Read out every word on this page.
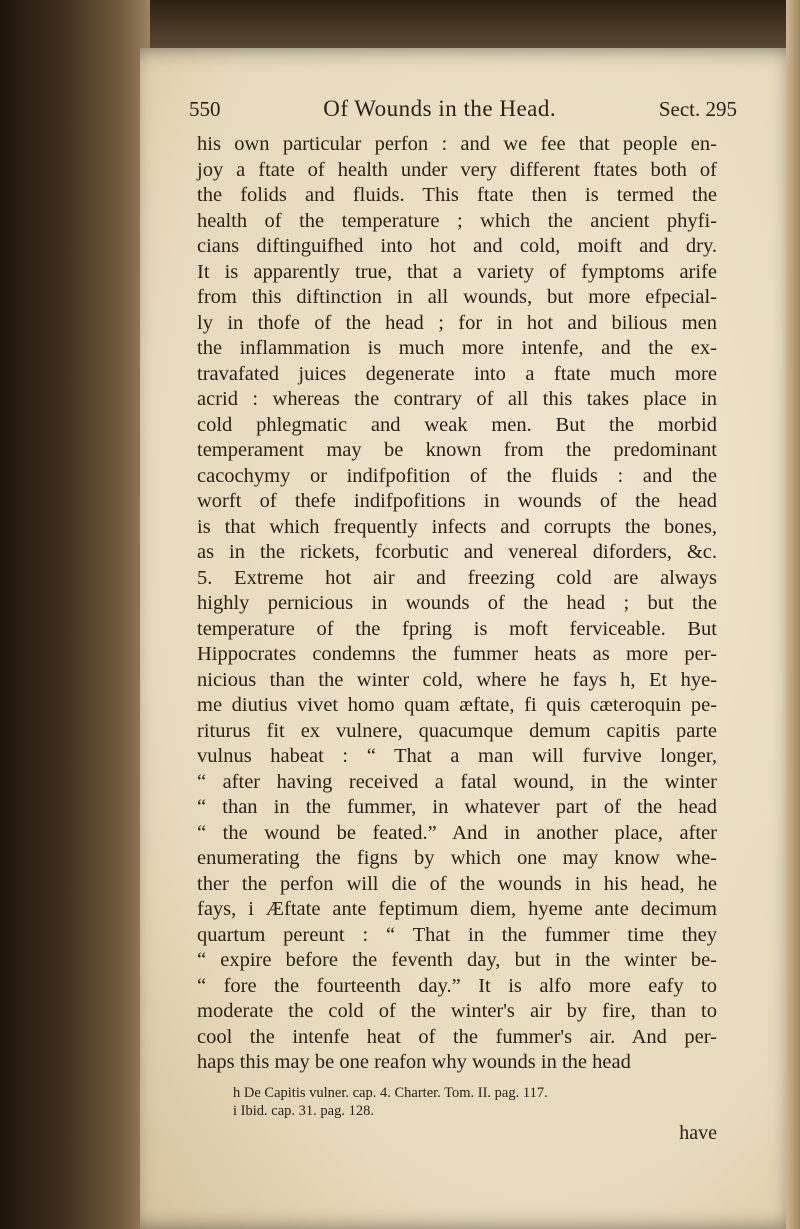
550	Of Wounds in the Head.	Sect. 295
his own particular perfon : and we fee that people en-
joy a ftate of health under very different ftates both of
the folids and fluids. This ftate then is termed the
health of the temperature ; which the ancient phyfi-
cians diftinguifhed into hot and cold, moift and dry.
It is apparently true, that a variety of fymptoms arife
from this diftinction in all wounds, but more efpecial-
ly in thofe of the head ; for in hot and bilious men
the inflammation is much more intenfe, and the ex-
travafated juices degenerate into a ftate much more
acrid : whereas the contrary of all this takes place in
cold phlegmatic and weak men. But the morbid
temperament may be known from the predominant
cacochymy or indifpofition of the fluids : and the
worft of thefe indifpofitions in wounds of the head
is that which frequently infects and corrupts the bones,
as in the rickets, fcorbutic and venereal diforders, &c.
5. Extreme hot air and freezing cold are always
highly pernicious in wounds of the head ; but the
temperature of the fpring is moft ferviceable. But
Hippocrates condemns the fummer heats as more per-
nicious than the winter cold, where he fays h, Et hye-
me diutius vivet homo quam æftate, fi quis cæteroquin pe-
riturus fit ex vulnere, quacumque demum capitis parte
vulnus habeat : “ That a man will furvive longer,
“ after having received a fatal wound, in the winter
“ than in the fummer, in whatever part of the head
“ the wound be feated.” And in another place, after
enumerating the figns by which one may know whe-
ther the perfon will die of the wounds in his head, he
fays, i Æftate ante feptimum diem, hyeme ante decimum
quartum pereunt : “ That in the fummer time they
“ expire before the feventh day, but in the winter be-
“ fore the fourteenth day.” It is alfo more eafy to
moderate the cold of the winter's air by fire, than to
cool the intenfe heat of the fummer's air. And per-
haps this may be one reafon why wounds in the head
h De Capitis vulner. cap. 4. Charter. Tom. II. pag. 117.
i Ibid. cap. 31. pag. 128.
have
